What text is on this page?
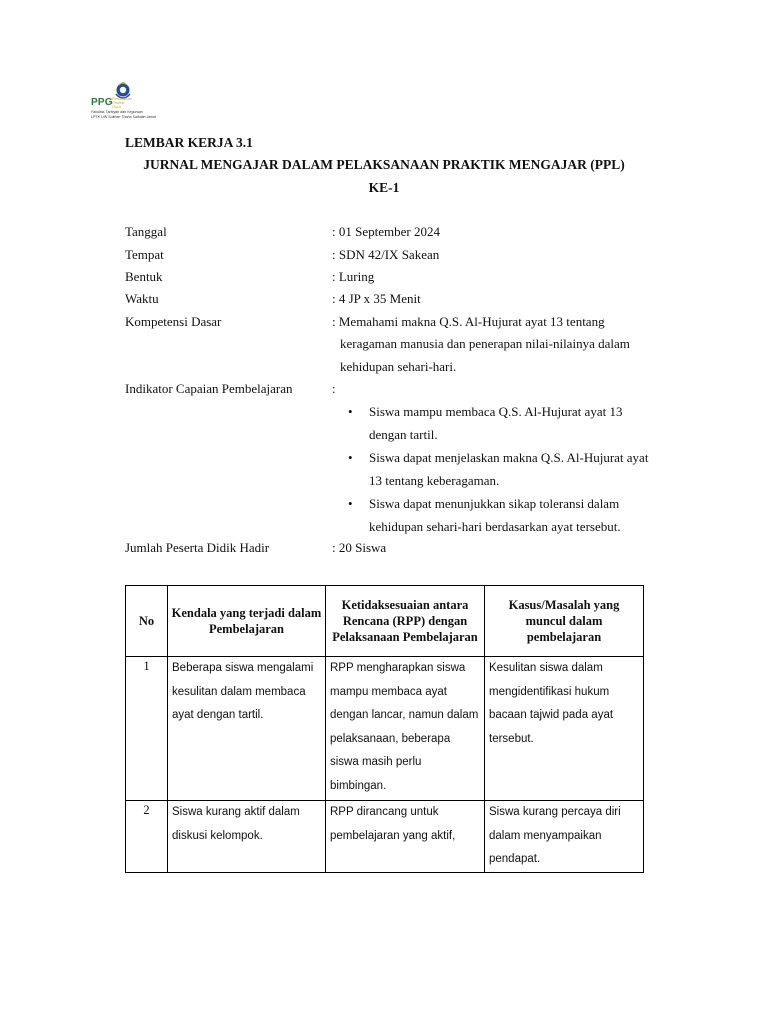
PPG Pendidikan
Profesi
Guru
Fakultas Tarbiyah dan Keguruan
LPTK UIN Sulthan Thaha Saifudin Jambi
LEMBAR KERJA 3.1
JURNAL MENGAJAR DALAM PELAKSANAAN PRAKTIK MENGAJAR (PPL)
KE-1
Tanggal	: 01 September 2024
Tempat	: SDN 42/IX Sakean
Bentuk	: Luring
Waktu	: 4 JP x 35 Menit
Kompetensi Dasar	: Memahami makna Q.S. Al-Hujurat ayat 13 tentang
keragaman manusia dan penerapan nilai-nilainya dalam
kehidupan sehari-hari.
Indikator Capaian Pembelajaran	:
• Siswa mampu membaca Q.S. Al-Hujurat ayat 13 dengan tartil.
• Siswa dapat menjelaskan makna Q.S. Al-Hujurat ayat 13 tentang keberagaman.
• Siswa dapat menunjukkan sikap toleransi dalam kehidupan sehari-hari berdasarkan ayat tersebut.
Jumlah Peserta Didik Hadir	: 20 Siswa
No	Kendala yang terjadi dalam Pembelajaran	Ketidaksesuaian antara Rencana (RPP) dengan Pelaksanaan Pembelajaran	Kasus/Masalah yang muncul dalam pembelajaran
1	Beberapa siswa mengalami kesulitan dalam membaca ayat dengan tartil.	RPP mengharapkan siswa mampu membaca ayat dengan lancar, namun dalam pelaksanaan, beberapa siswa masih perlu bimbingan.	Kesulitan siswa dalam mengidentifikasi hukum bacaan tajwid pada ayat tersebut.
2	Siswa kurang aktif dalam diskusi kelompok.	RPP dirancang untuk pembelajaran yang aktif,	Siswa kurang percaya diri dalam menyampaikan pendapat.
